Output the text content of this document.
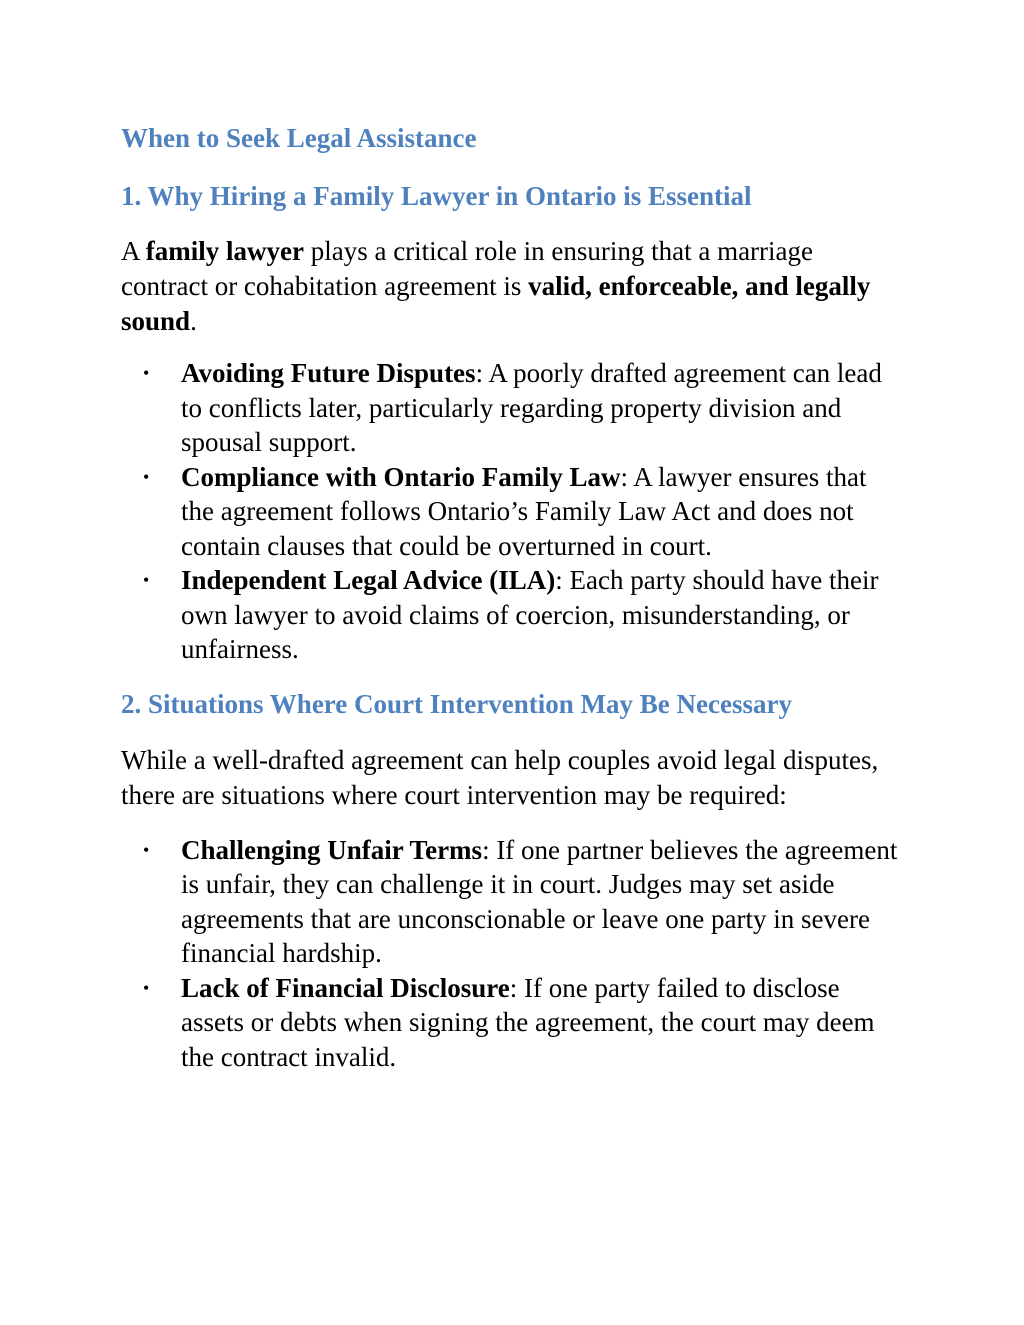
When to Seek Legal Assistance
1. Why Hiring a Family Lawyer in Ontario is Essential

A family lawyer plays a critical role in ensuring that a marriage contract or cohabitation agreement is valid, enforceable, and legally sound.

• Avoiding Future Disputes: A poorly drafted agreement can lead to conflicts later, particularly regarding property division and spousal support.
• Compliance with Ontario Family Law: A lawyer ensures that the agreement follows Ontario’s Family Law Act and does not contain clauses that could be overturned in court.
• Independent Legal Advice (ILA): Each party should have their own lawyer to avoid claims of coercion, misunderstanding, or unfairness.
2. Situations Where Court Intervention May Be Necessary

While a well-drafted agreement can help couples avoid legal disputes, there are situations where court intervention may be required:

• Challenging Unfair Terms: If one partner believes the agreement is unfair, they can challenge it in court. Judges may set aside agreements that are unconscionable or leave one party in severe financial hardship.
• Lack of Financial Disclosure: If one party failed to disclose assets or debts when signing the agreement, the court may deem the contract invalid.
